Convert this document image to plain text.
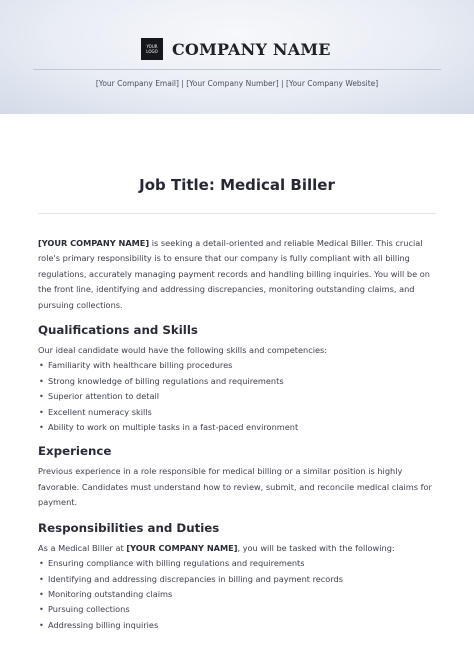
YOUR LOGO COMPANY NAME
[Your Company Email] | [Your Company Number] | [Your Company Website]
Job Title: Medical Biller

[YOUR COMPANY NAME] is seeking a detail-oriented and reliable Medical Biller. This crucial role's primary responsibility is to ensure that our company is fully compliant with all billing regulations, accurately managing payment records and handling billing inquiries. You will be on the front line, identifying and addressing discrepancies, monitoring outstanding claims, and pursuing collections.

Qualifications and Skills

Our ideal candidate would have the following skills and competencies:

• Familiarity with healthcare billing procedures
• Strong knowledge of billing regulations and requirements
• Superior attention to detail
• Excellent numeracy skills
• Ability to work on multiple tasks in a fast-paced environment
Experience

Previous experience in a role responsible for medical billing or a similar position is highly favorable. Candidates must understand how to review, submit, and reconcile medical claims for payment.

Responsibilities and Duties

As a Medical Biller at [YOUR COMPANY NAME], you will be tasked with the following:

• Ensuring compliance with billing regulations and requirements
• Identifying and addressing discrepancies in billing and payment records
• Monitoring outstanding claims
• Pursuing collections
• Addressing billing inquiries
